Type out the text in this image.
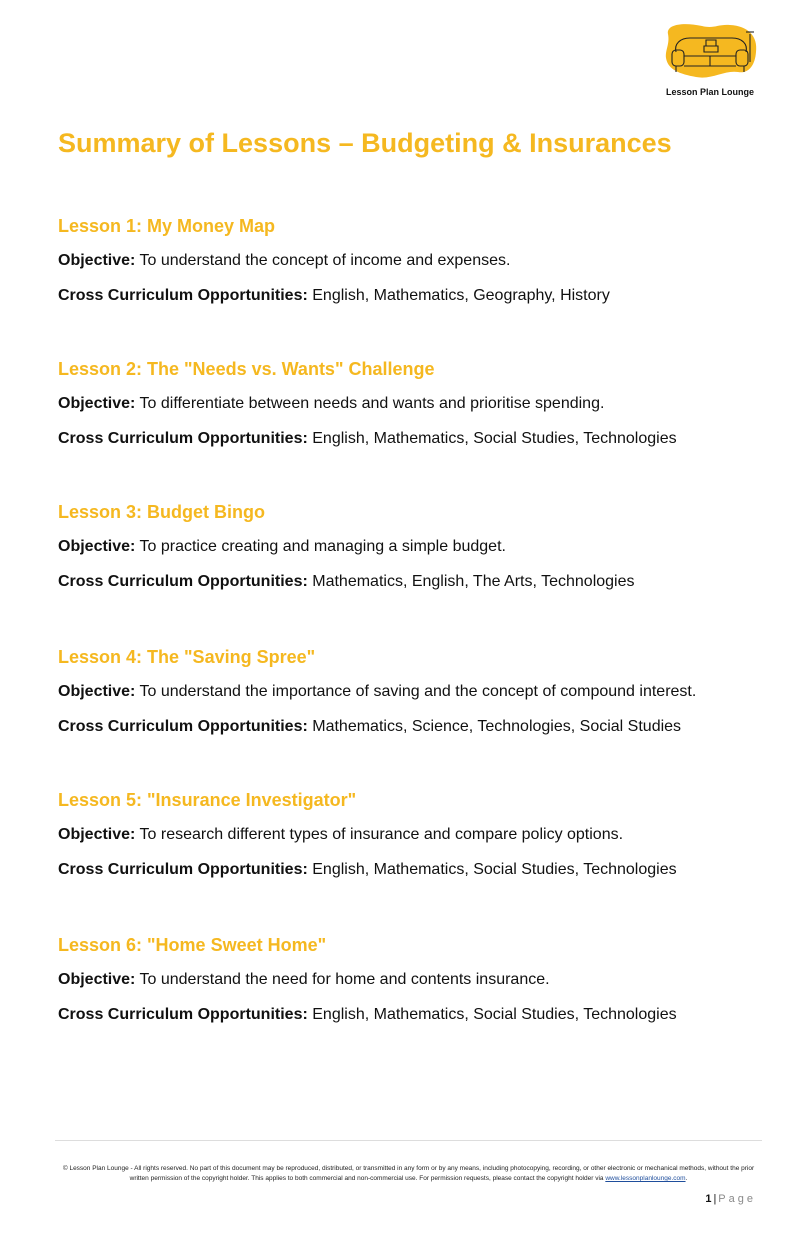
Lesson Plan Lounge
Summary of Lessons – Budgeting & Insurances
Lesson 1: My Money Map
Objective: To understand the concept of income and expenses.
Cross Curriculum Opportunities: English, Mathematics, Geography, History
Lesson 2: The "Needs vs. Wants" Challenge
Objective: To differentiate between needs and wants and prioritise spending.
Cross Curriculum Opportunities: English, Mathematics, Social Studies, Technologies
Lesson 3: Budget Bingo
Objective: To practice creating and managing a simple budget.
Cross Curriculum Opportunities: Mathematics, English, The Arts, Technologies
Lesson 4: The "Saving Spree"
Objective: To understand the importance of saving and the concept of compound interest.
Cross Curriculum Opportunities: Mathematics, Science, Technologies, Social Studies
Lesson 5: "Insurance Investigator"
Objective: To research different types of insurance and compare policy options.
Cross Curriculum Opportunities: English, Mathematics, Social Studies, Technologies
Lesson 6: "Home Sweet Home"
Objective: To understand the need for home and contents insurance.
Cross Curriculum Opportunities: English, Mathematics, Social Studies, Technologies
© Lesson Plan Lounge - All rights reserved. No part of this document may be reproduced, distributed, or transmitted in any form or by any means, including photocopying, recording, or other electronic or mechanical methods, without the prior written permission of the copyright holder. This applies to both commercial and non-commercial use. For permission requests, please contact the copyright holder via www.lessonplanlounge.com.
1 | Page
